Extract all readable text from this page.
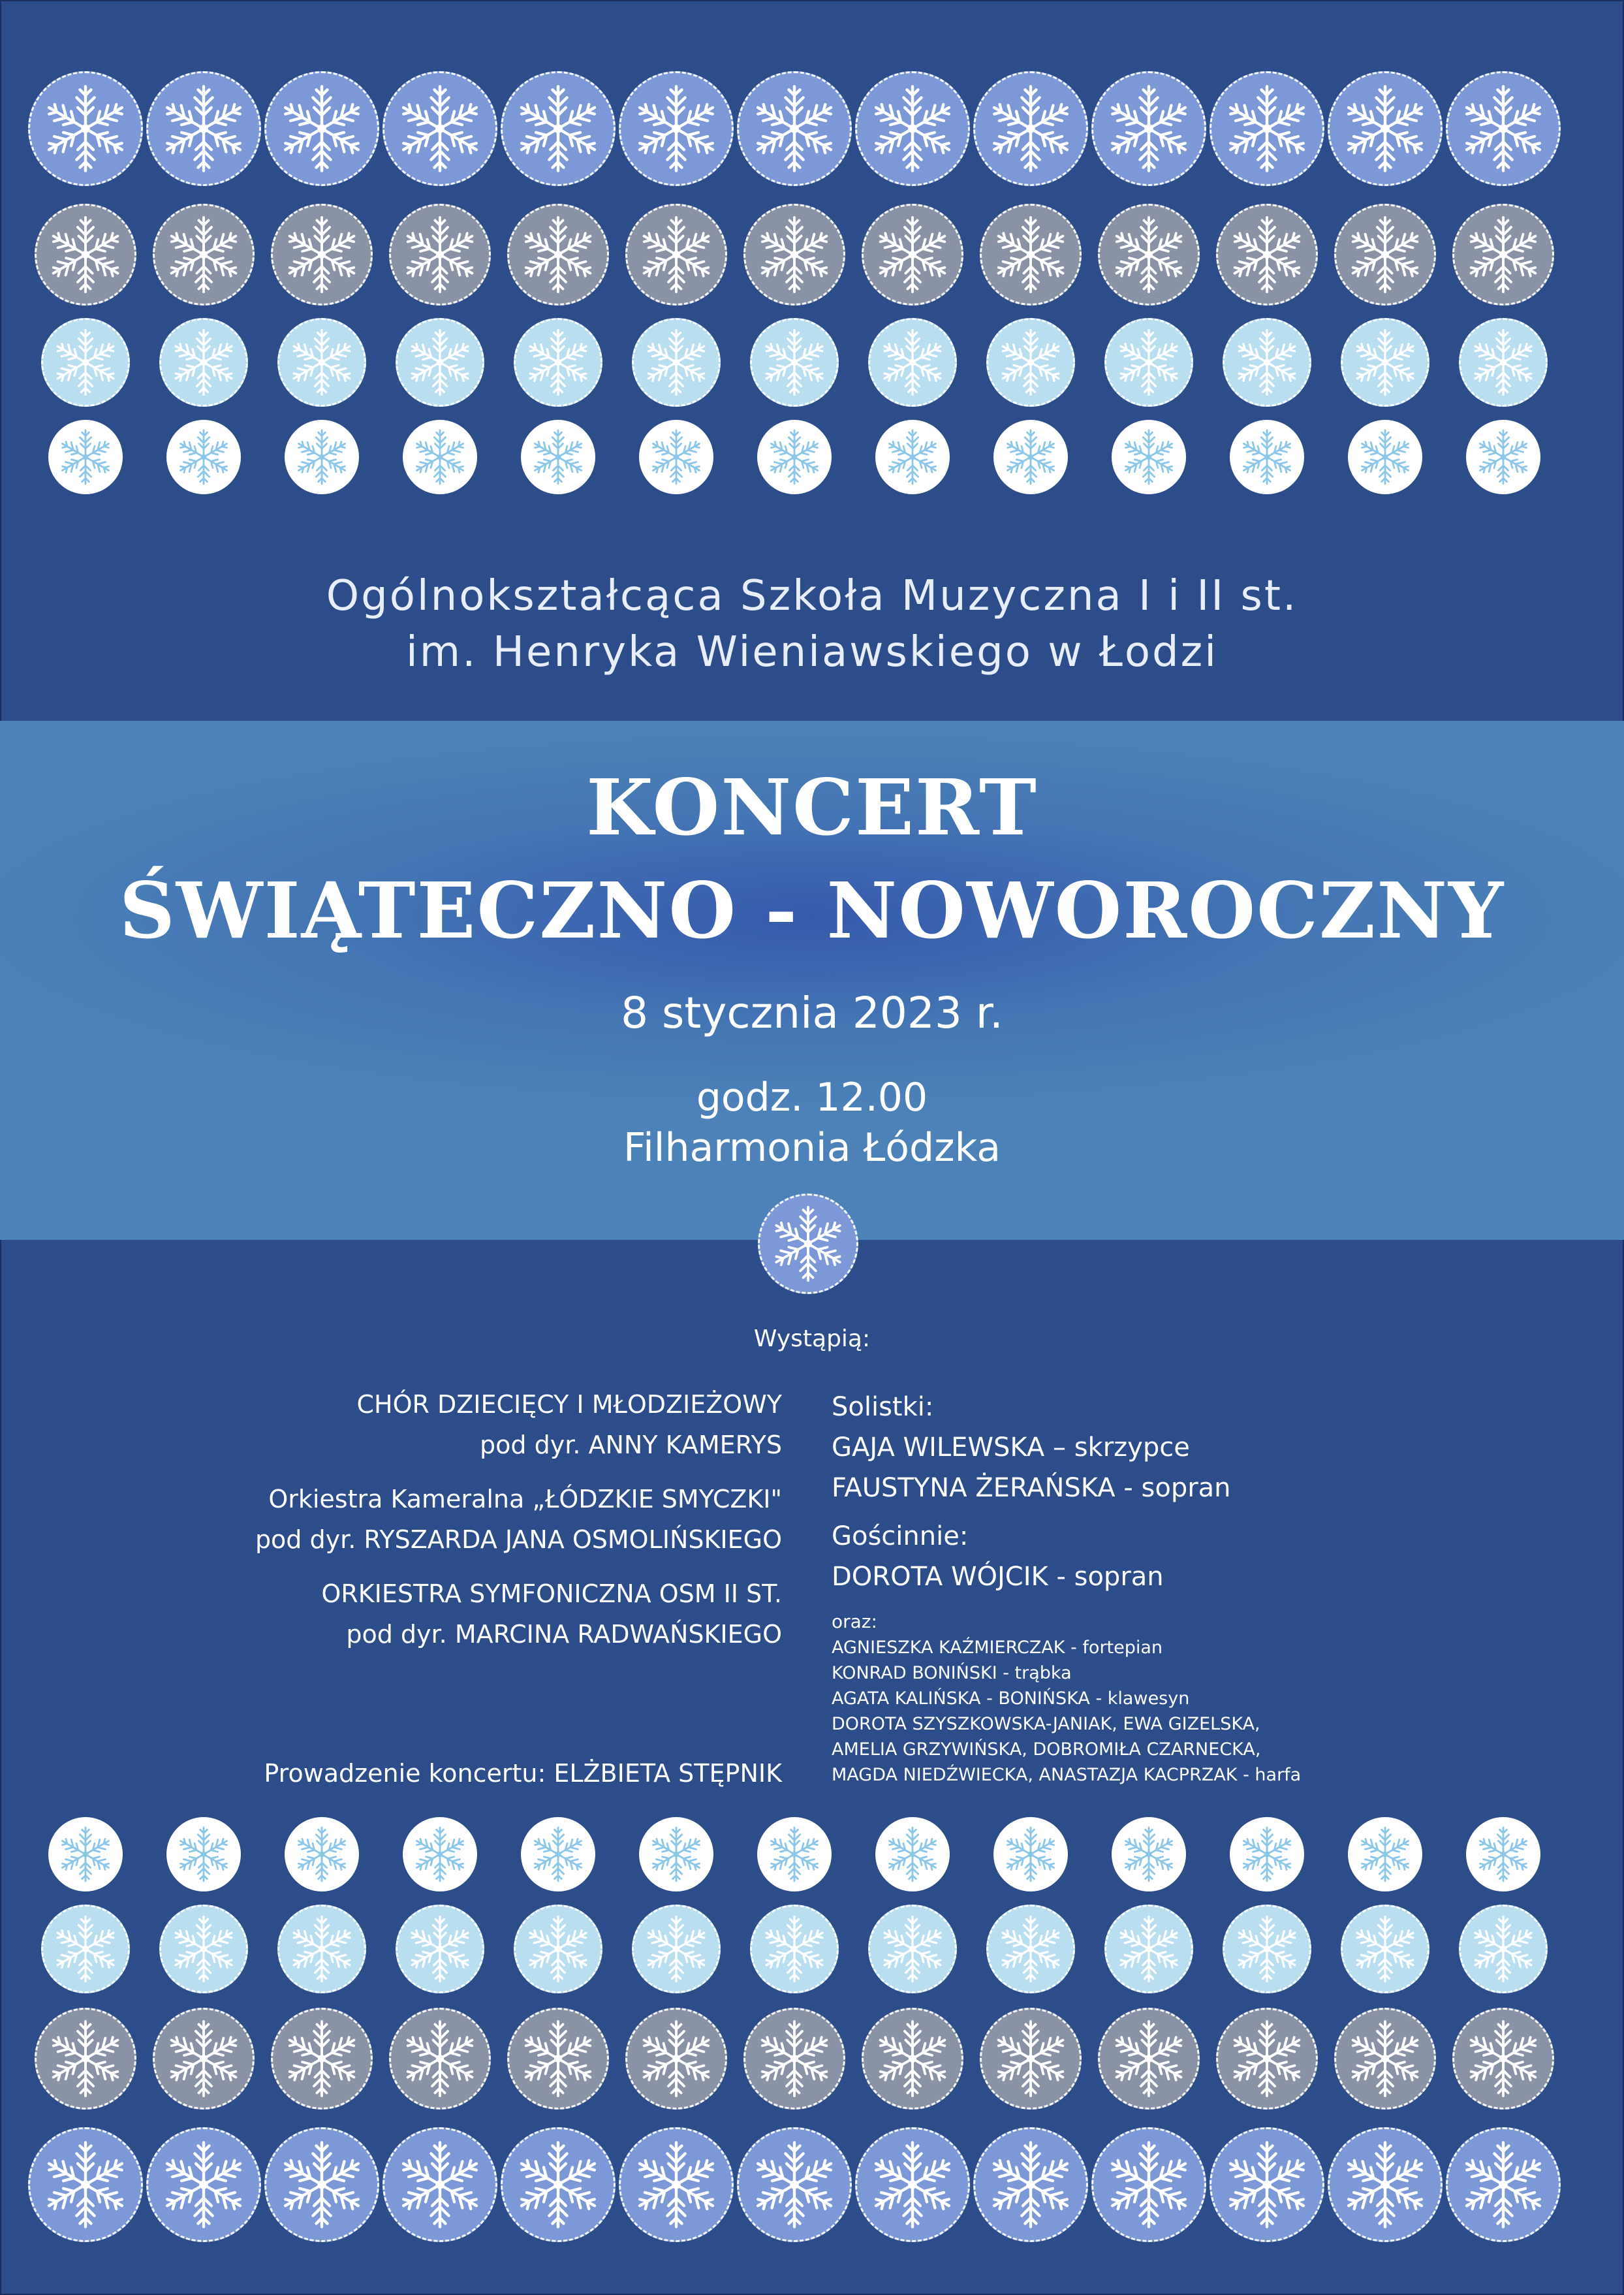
Ogólnokształcąca Szkoła Muzyczna I i II st.
im. Henryka Wieniawskiego w Łodzi
KONCERT
ŚWIĄTECZNO - NOWOROCZNY
8 stycznia 2023 r.
godz. 12.00
Filharmonia Łódzka
Wystąpią:
CHÓR DZIECIĘCY I MŁODZIEŻOWY
pod dyr. ANNY KAMERYS
Orkiestra Kameralna „ŁÓDZKIE SMYCZKI"
pod dyr. RYSZARDA JANA OSMOLIŃSKIEGO
ORKIESTRA SYMFONICZNA OSM II ST.
pod dyr. MARCINA RADWAŃSKIEGO
Prowadzenie koncertu: ELŻBIETA STĘPNIK
Solistki:
GAJA WILEWSKA – skrzypce
FAUSTYNA ŻERAŃSKA - sopran
Gościnnie:
DOROTA WÓJCIK - sopran
oraz:
AGNIESZKA KAŹMIERCZAK - fortepian
KONRAD BONIŃSKI - trąbka
AGATA KALIŃSKA - BONIŃSKA - klawesyn
DOROTA SZYSZKOWSKA-JANIAK, EWA GIZELSKA,
AMELIA GRZYWIŃSKA, DOBROMIŁA CZARNECKA,
MAGDA NIEDŹWIECKA, ANASTAZJA KACPRZAK - harfa
